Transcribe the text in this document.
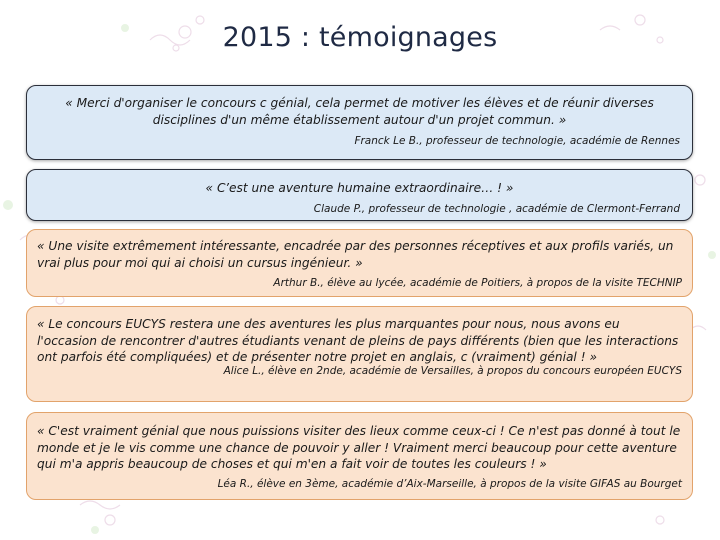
2015 : témoignages
« Merci d'organiser le concours c génial, cela permet de motiver les élèves et de réunir diverses disciplines d'un même établissement autour d'un projet commun. »
Franck Le B., professeur de technologie, académie de Rennes
« C’est une aventure humaine extraordinaire… ! »
Claude P., professeur de technologie , académie de Clermont-Ferrand
« Une visite extrêmement intéressante, encadrée par des personnes réceptives et aux profils variés, un vrai plus pour moi qui ai choisi un cursus ingénieur. »
Arthur B., élève au lycée, académie de Poitiers, à propos de la visite TECHNIP
« Le concours EUCYS restera une des aventures les plus marquantes pour nous, nous avons eu l'occasion de rencontrer d'autres étudiants venant de pleins de pays différents (bien que les interactions ont parfois été compliquées) et de présenter notre projet en anglais, c (vraiment) génial ! »
Alice L., élève en 2nde, académie de Versailles, à propos du concours européen EUCYS
« C'est vraiment génial que nous puissions visiter des lieux comme ceux-ci ! Ce n'est pas donné à tout le monde et je le vis comme une chance de pouvoir y aller ! Vraiment merci beaucoup pour cette aventure qui m'a appris beaucoup de choses et qui m'en a fait voir de toutes les couleurs ! »
Léa R., élève en 3ème, académie d’Aix-Marseille, à propos de la visite GIFAS au Bourget
